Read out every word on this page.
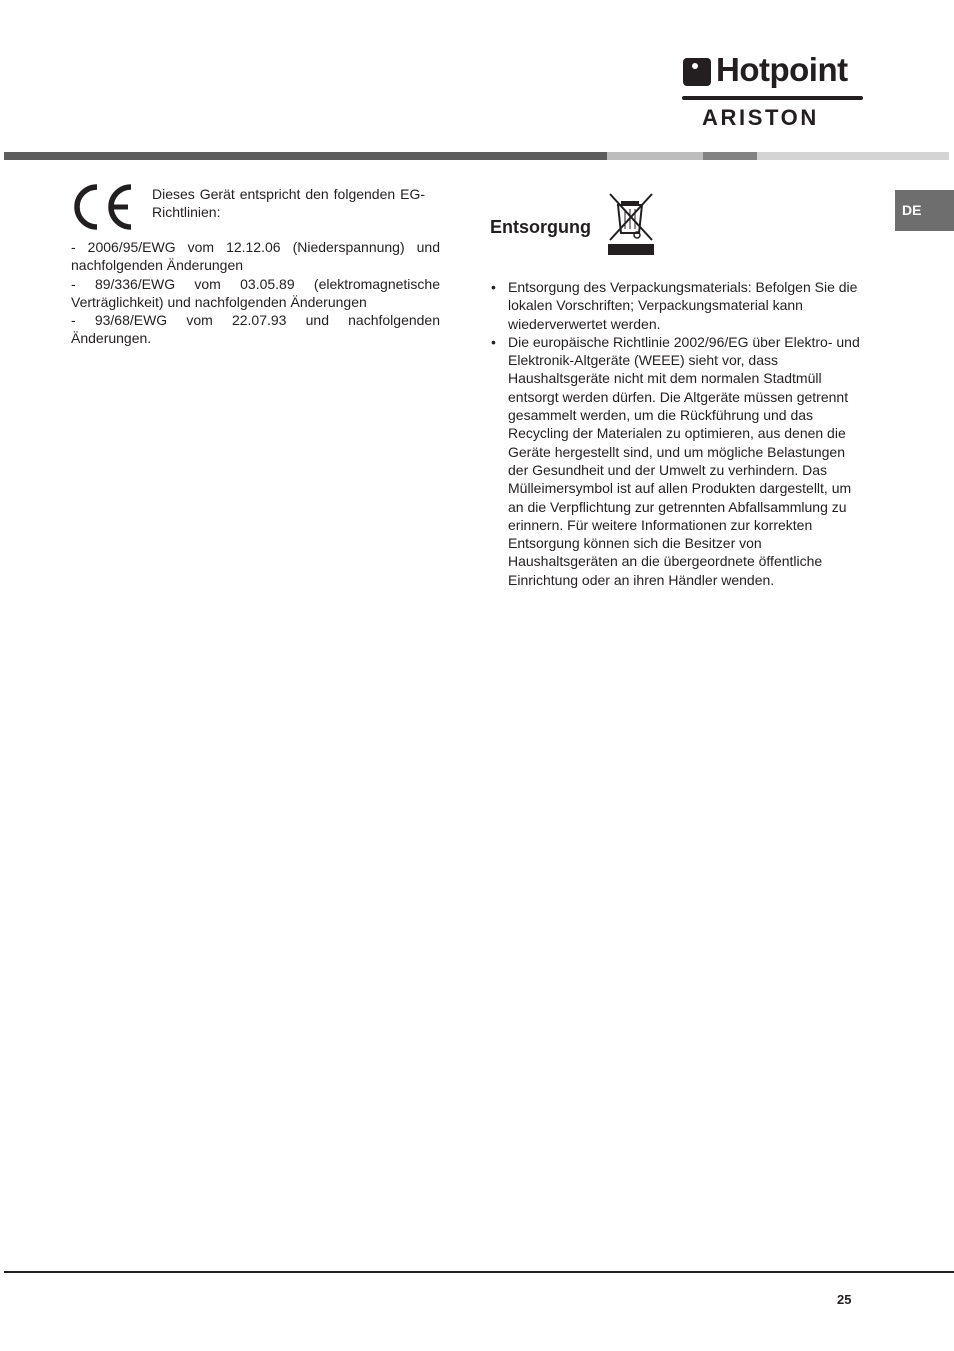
Hotpoint
ARISTON
DE
Dieses Gerät entspricht den folgenden EG-Richtlinien:
- 2006/95/EWG vom 12.12.06 (Niederspannung) und nachfolgenden Änderungen
- 89/336/EWG vom 03.05.89 (elektromagnetische Verträglichkeit) und nachfolgenden Änderungen
- 93/68/EWG vom 22.07.93 und nachfolgenden Änderungen.
Entsorgung
• Entsorgung des Verpackungsmaterials: Befolgen Sie die lokalen Vorschriften; Verpackungsmaterial kann wiederverwertet werden.
• Die europäische Richtlinie 2002/96/EG über Elektro- und Elektronik-Altgeräte (WEEE) sieht vor, dass Haushaltsgeräte nicht mit dem normalen Stadtmüll entsorgt werden dürfen. Die Altgeräte müssen getrennt gesammelt werden, um die Rückführung und das Recycling der Materialen zu optimieren, aus denen die Geräte hergestellt sind, und um mögliche Belastungen der Gesundheit und der Umwelt zu verhindern. Das Mülleimersymbol ist auf allen Produkten dargestellt, um an die Verpflichtung zur getrennten Abfallsammlung zu erinnern. Für weitere Informationen zur korrekten Entsorgung können sich die Besitzer von Haushaltsgeräten an die übergeordnete öffentliche Einrichtung oder an ihren Händler wenden.
25
